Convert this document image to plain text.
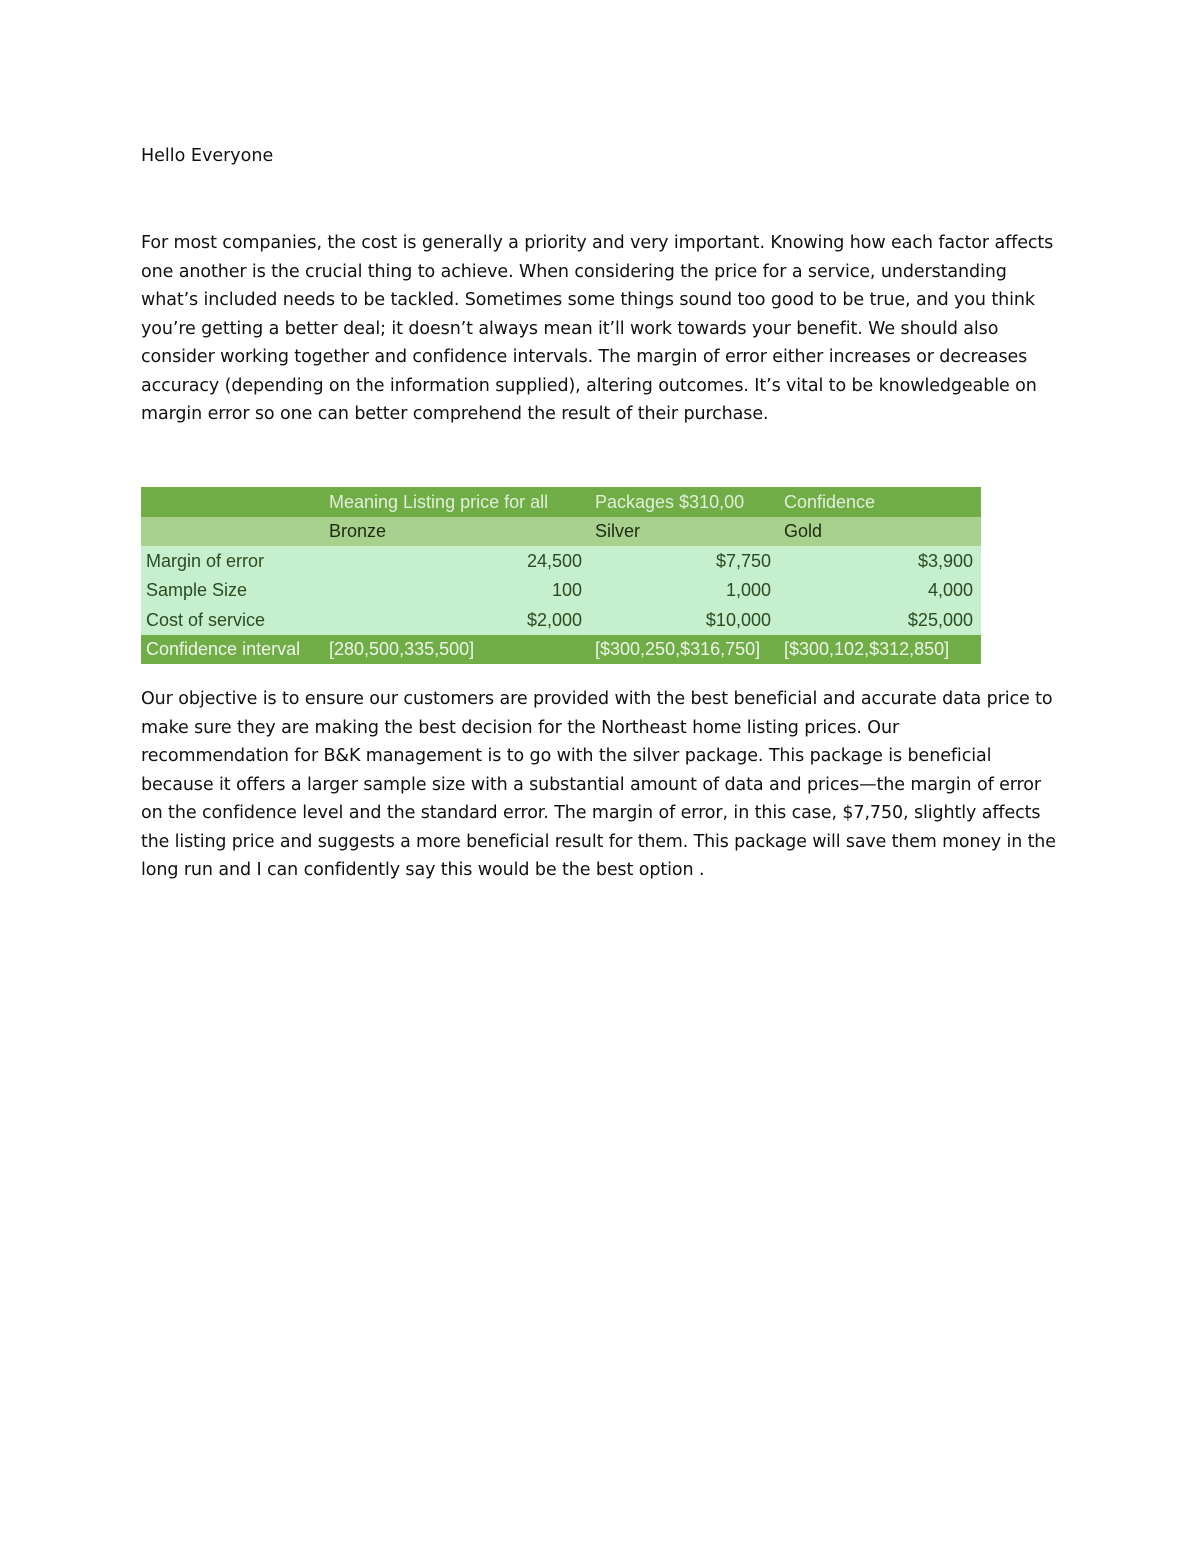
Hello Everyone
For most companies, the cost is generally a priority and very important. Knowing how each factor affects
one another is the crucial thing to achieve. When considering the price for a service, understanding
what’s included needs to be tackled. Sometimes some things sound too good to be true, and you think
you’re getting a better deal; it doesn’t always mean it’ll work towards your benefit. We should also
consider working together and confidence intervals. The margin of error either increases or decreases
accuracy (depending on the information supplied), altering outcomes. It’s vital to be knowledgeable on
margin error so one can better comprehend the result of their purchase.
	Meaning Listing price for all	Packages $310,00	Confidence
	Bronze	Silver	Gold
Margin of error	24,500	$7,750	$3,900
Sample Size	100	1,000	4,000
Cost of service	$2,000	$10,000	$25,000
Confidence interval	[280,500,335,500]	[$300,250,$316,750]	[$300,102,$312,850]
Our objective is to ensure our customers are provided with the best beneficial and accurate data price to
make sure they are making the best decision for the Northeast home listing prices. Our
recommendation for B&K management is to go with the silver package. This package is beneficial
because it offers a larger sample size with a substantial amount of data and prices—the margin of error
on the confidence level and the standard error. The margin of error, in this case, $7,750, slightly affects
the listing price and suggests a more beneficial result for them. This package will save them money in the
long run and I can confidently say this would be the best option .
